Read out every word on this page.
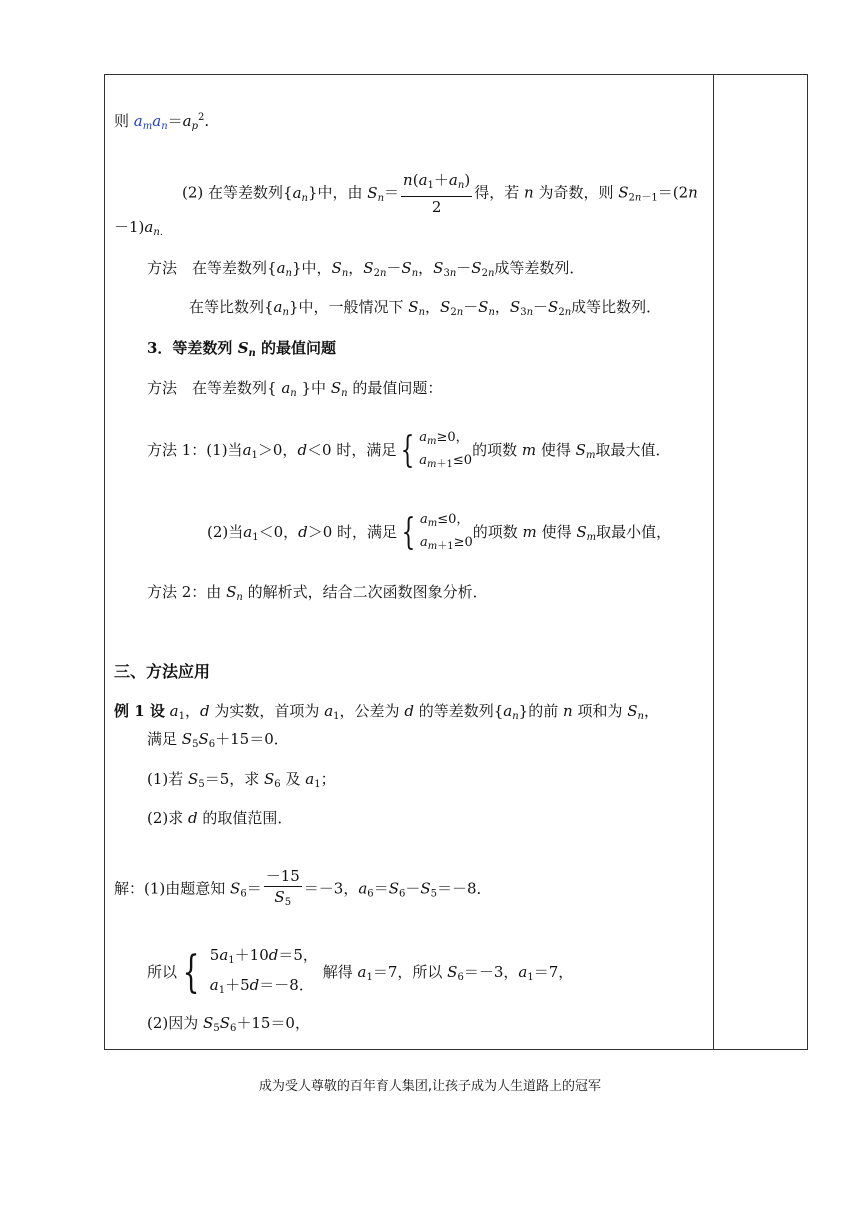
则 $a_ma_n=a_p^2$.
(2) 在等差数列$\{a_n\}$中，由 $S_n= \frac{n(a_1+a_n)}{2}$ 得，若 n 为奇数，则 $S_{2n-1}=(2n$
$-1)a_{n.}$
方法　 在等差数列$\{a_n\}$中，$S_n$，$S_{2n}-S_n$，$S_{3n}-S_{2n}$成等差数列．
在等比数列$\{a_n\}$中，一般情况下 $S_n$，$S_{2n}-S_n$，$S_{3n}-S_{2n}$成等比数列．
3．等差数列 $S_n$ 的最值问题
方法　在等差数列{ $a_n$ }中 $S_n$ 的最值问题：
方法 1：(1)当$a_1>0$，d＜0 时，满足 { $a_m\ge 0$，
$a_{m+1}\le 0$
的项数 m 使得 $S_m$取最大值．
(2)当$a_1<0$，d＞0 时，满足 { $a_m\le 0$，
$a_{m+1}\ge 0$
的项数 m 使得 $S_m$取最小值，
方法 2：由 $S_n$ 的解析式，结合二次函数图象分析．
三、方法应用
例 1 设 $a_1$，d 为实数，首项为 $a_1$，公差为 d 的等差数列$\{a_n\}$的前 n 项和为 $S_n$，
满足 $S_5S_6+15=0$．
(1)若 $S_5=5$，求 $S_6$ 及 $a_1$；
(2)求 d 的取值范围．
解：(1)由题意知 $S_6= \frac{-15}{S_5} =-3$，$a_6=S_6-S_5=-8$．
所以 { $5a_1+10d=5$，
$a_1+5d=-8$．
解得 $a_1=7$，所以 $S_6=-3$，$a_1=7$，
(2)因为 $S_5S_6+15=0$，
成为受人尊敬的百年育人集团,让孩子成为人生道路上的冠军
